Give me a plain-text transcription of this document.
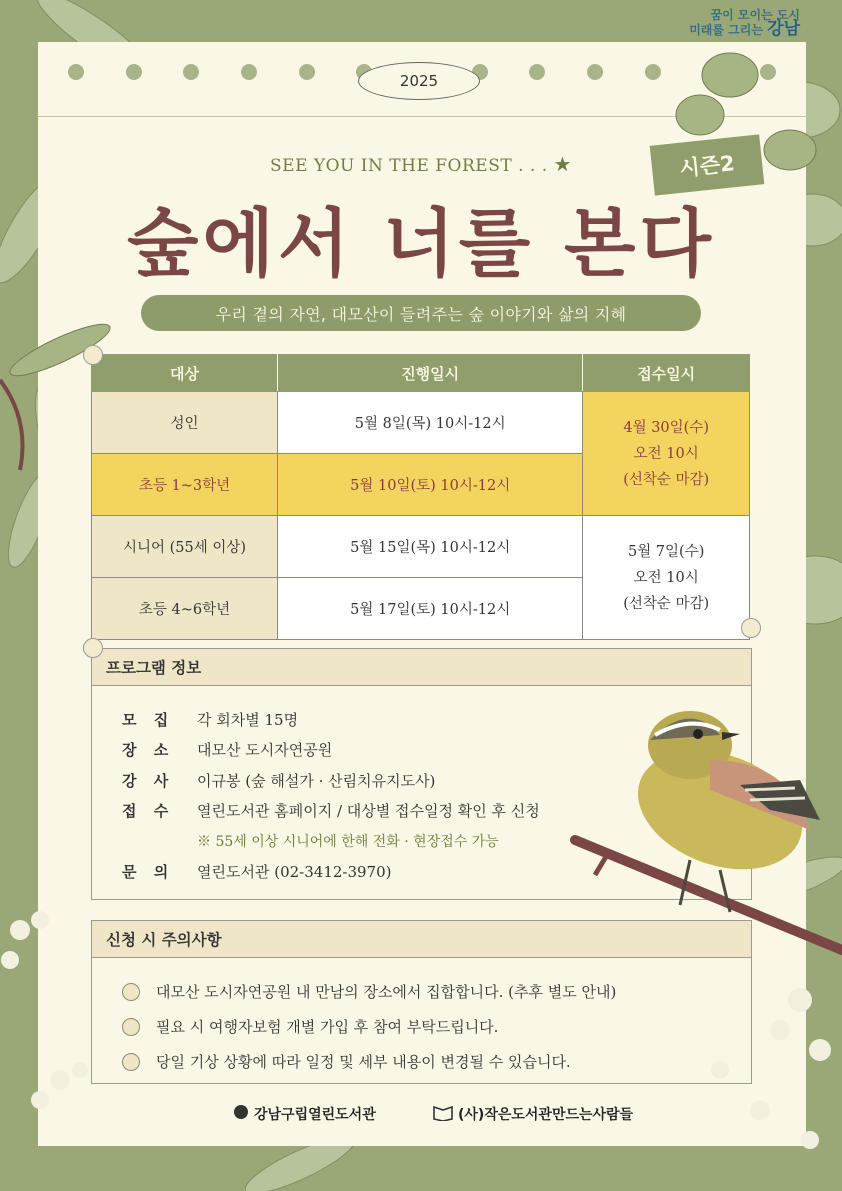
꿈이 모이는 도시
미래를 그리는 강남
2025
SEE YOU IN THE FOREST . . . ★	시즌2
숲에서 너를 본다
우리 곁의 자연, 대모산이 들려주는 숲 이야기와 삶의 지혜
대상	진행일시	접수일시
성인	5월 8일(목) 10시-12시	4월 30일(수)
오전 10시
(선착순 마감)

초등 1~3학년	5월 10일(토) 10시-12시	
시니어 (55세 이상)	5월 15일(목) 10시-12시	5월 7일(수)
오전 10시
(선착순 마감)

초등 4~6학년	5월 17일(토) 10시-12시	
프로그램 정보
모 집	각 회차별 15명
장 소	대모산 도시자연공원
강 사	이규봉 (숲 해설가 · 산림치유지도사)
접 수	열린도서관 홈페이지 / 대상별 접수일정 확인 후 신청
※ 55세 이상 시니어에 한해 전화 · 현장접수 가능
문 의	열린도서관 (02-3412-3970)
신청 시 주의사항
대모산 도시자연공원 내 만남의 장소에서 집합합니다. (추후 별도 안내)
필요 시 여행자보험 개별 가입 후 참여 부탁드립니다.
당일 기상 상황에 따라 일정 및 세부 내용이 변경될 수 있습니다.
강남구립열린도서관	(사)작은도서관만드는사람들
